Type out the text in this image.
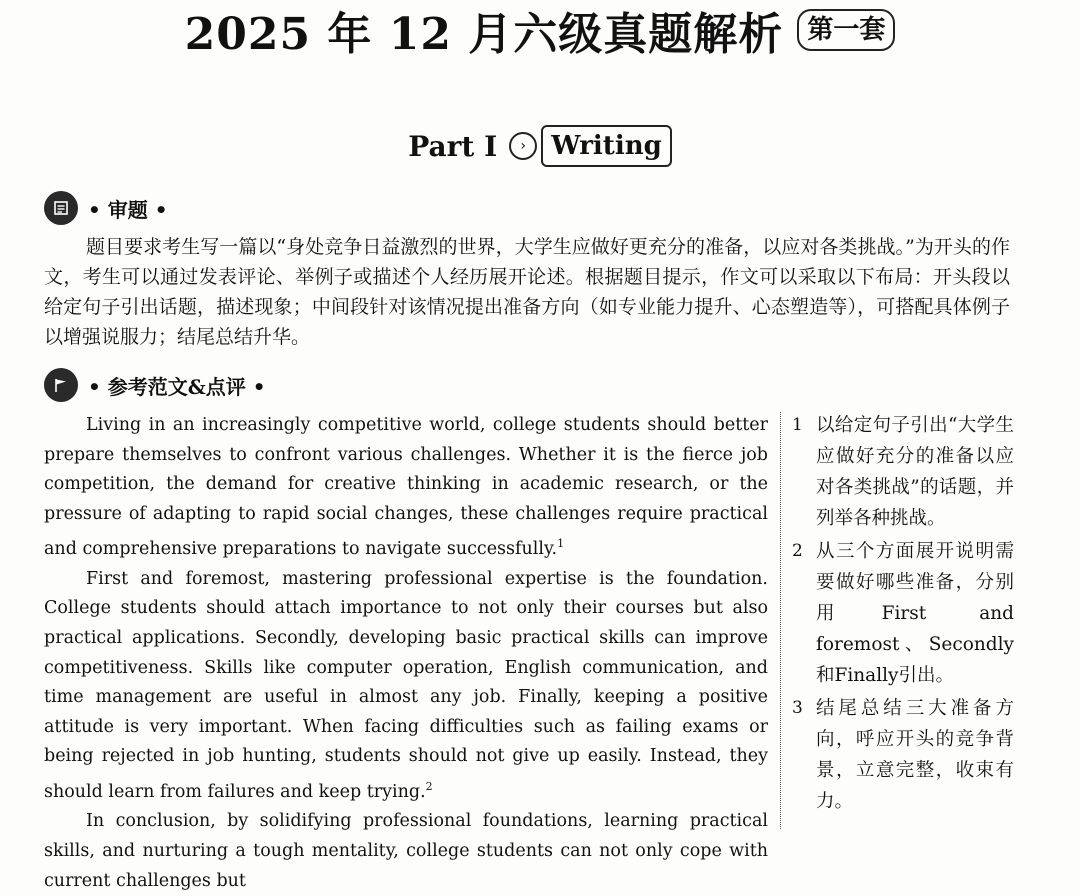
2025 年 12 月六级真题解析 第一套
Part I	› Writing
• 审题 •

题目要求考生写一篇以“身处竞争日益激烈的世界，大学生应做好更充分的准备，以应对各类挑战。”为开头的作文，考生可以通过发表评论、举例子或描述个人经历展开论述。根据题目提示，作文可以采取以下布局：开头段以给定句子引出话题，描述现象；中间段针对该情况提出准备方向（如专业能力提升、心态塑造等），可搭配具体例子以增强说服力；结尾总结升华。

• 参考范文&点评 •

Living in an increasingly competitive world, college students should better prepare themselves to confront various challenges. Whether it is the fierce job competition, the demand for creative thinking in academic research, or the pressure of adapting to rapid social changes, these challenges require practical and comprehensive preparations to navigate successfully.$^1$

First and foremost, mastering professional expertise is the foundation. College students should attach importance to not only their courses but also practical applications. Secondly, developing basic practical skills can improve competitiveness. Skills like computer operation, English communication, and time management are useful in almost any job. Finally, keeping a positive attitude is very important. When facing difficulties such as failing exams or being rejected in job hunting, students should not give up easily. Instead, they should learn from failures and keep trying.$^2$

In conclusion, by solidifying professional foundations, learning practical skills, and nurturing a tough mentality, college students can not only cope with current challenges but

1 以给定句子引出“大学生应做好充分的准备以应对各类挑战”的话题，并列举各种挑战。
2 从三个方面展开说明需要做好哪些准备，分别用First and foremost、Secondly和Finally引出。
3 结尾总结三大准备方向，呼应开头的竞争背景，立意完整，收束有力。
